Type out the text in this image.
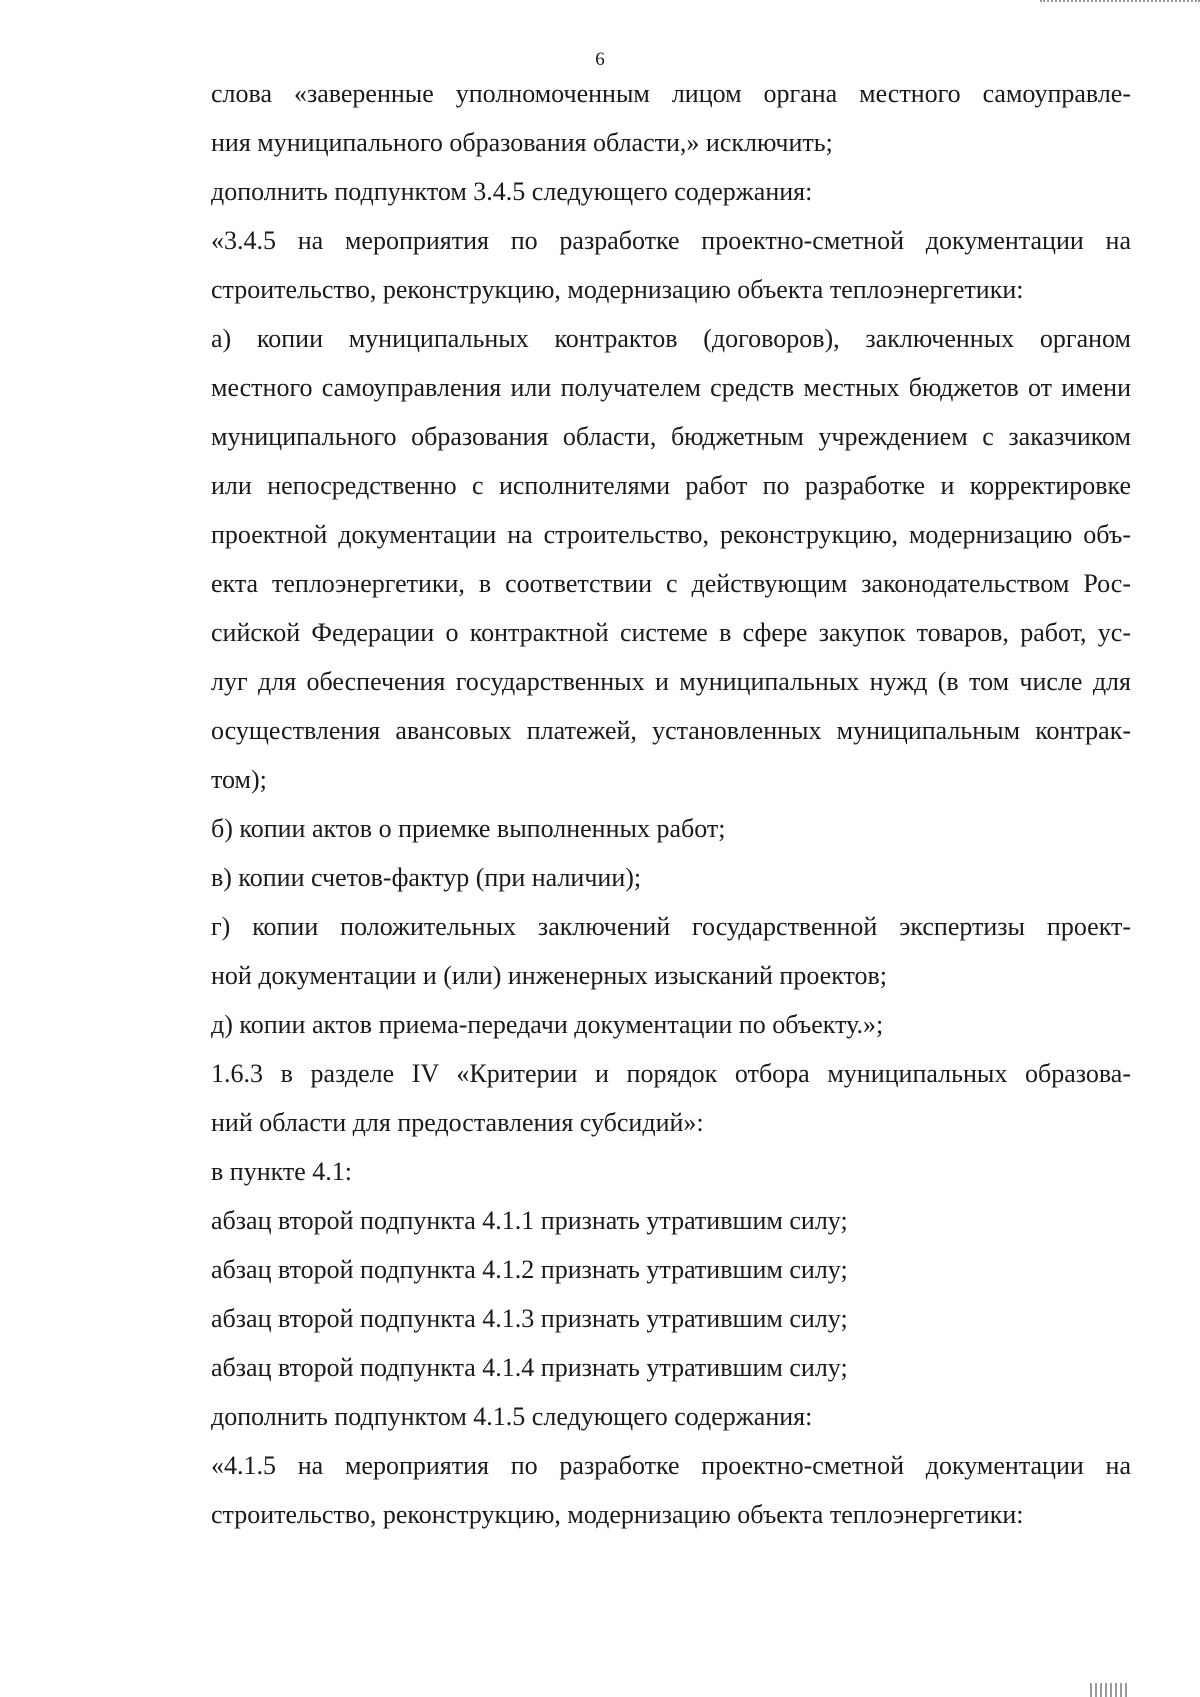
6

слова «заверенные уполномоченным лицом органа местного самоуправле-
ния муниципального образования области,» исключить;

дополнить подпунктом 3.4.5 следующего содержания:

«3.4.5 на мероприятия по разработке проектно-сметной документации на
строительство, реконструкцию, модернизацию объекта теплоэнергетики:

а) копии муниципальных контрактов (договоров), заключенных органом
местного самоуправления или получателем средств местных бюджетов от имени
муниципального образования области, бюджетным учреждением с заказчиком
или непосредственно с исполнителями работ по разработке и корректировке
проектной документации на строительство, реконструкцию, модернизацию объ-
екта теплоэнергетики, в соответствии с действующим законодательством Рос-
сийской Федерации о контрактной системе в сфере закупок товаров, работ, ус-
луг для обеспечения государственных и муниципальных нужд (в том числе для
осуществления авансовых платежей, установленных муниципальным контрак-
том);

б) копии актов о приемке выполненных работ;

в) копии счетов-фактур (при наличии);

г) копии положительных заключений государственной экспертизы проект-
ной документации и (или) инженерных изысканий проектов;

д) копии актов приема-передачи документации по объекту.»;

1.6.3 в разделе IV «Критерии и порядок отбора муниципальных образова-
ний области для предоставления субсидий»:

в пункте 4.1:

абзац второй подпункта 4.1.1 признать утратившим силу;

абзац второй подпункта 4.1.2 признать утратившим силу;

абзац второй подпункта 4.1.3 признать утратившим силу;

абзац второй подпункта 4.1.4 признать утратившим силу;

дополнить подпунктом 4.1.5 следующего содержания:

«4.1.5 на мероприятия по разработке проектно-сметной документации на
строительство, реконструкцию, модернизацию объекта теплоэнергетики:
